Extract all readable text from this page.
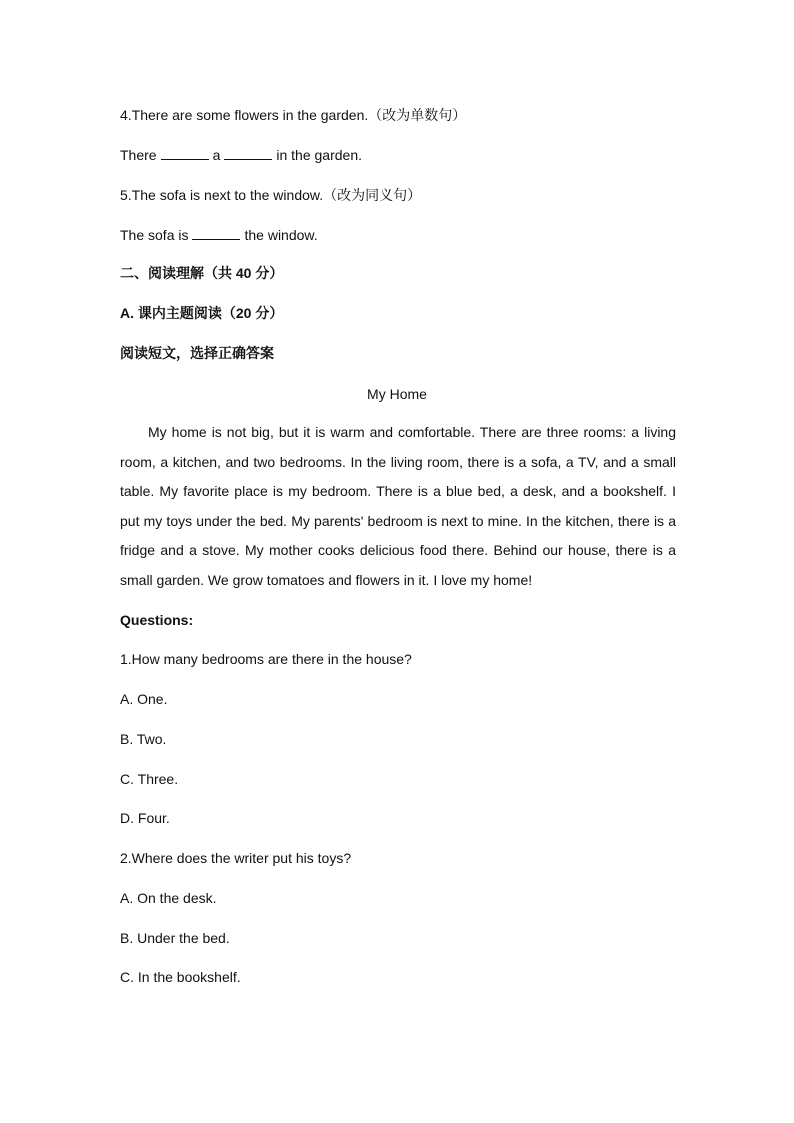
4.There are some flowers in the garden.（改为单数句）
There	a	in the garden.
5.The sofa is next to the window.（改为同义句）
The sofa is	the window.
二、阅读理解（共 40 分）
A. 课内主题阅读（20 分）
阅读短文，选择正确答案
My Home
My home is not big, but it is warm and comfortable. There are three rooms: a living room, a kitchen, and two bedrooms. In the living room, there is a sofa, a TV, and a small table. My favorite place is my bedroom. There is a blue bed, a desk, and a bookshelf. I put my toys under the bed. My parents' bedroom is next to mine. In the kitchen, there is a fridge and a stove. My mother cooks delicious food there. Behind our house, there is a small garden. We grow tomatoes and flowers in it. I love my home!
Questions:
1.How many bedrooms are there in the house?
A. One.
B. Two.
C. Three.
D. Four.
2.Where does the writer put his toys?
A. On the desk.
B. Under the bed.
C. In the bookshelf.
